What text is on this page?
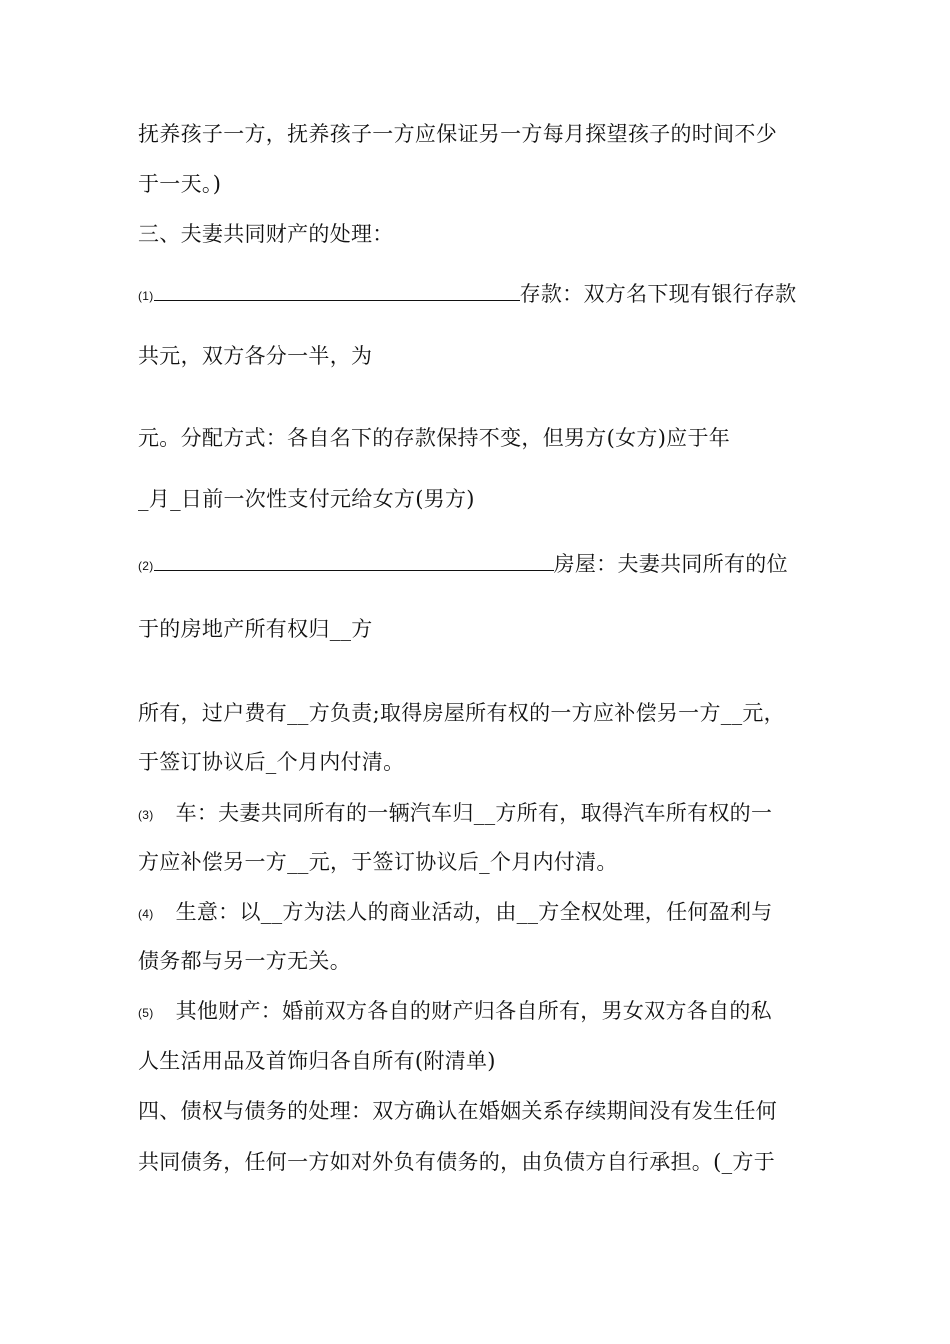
抚养孩子一方，抚养孩子一方应保证另一方每月探望孩子的时间不少
于一天。)
三、夫妻共同财产的处理：
(1)	存款：双方名下现有银行存款
共元，双方各分一半，为
元。分配方式：各自名下的存款保持不变，但男方(女方)应于年
_月_日前一次性支付元给女方(男方)
(2)	房屋：夫妻共同所有的位
于的房地产所有权归__方
所有，过户费有__方负责;取得房屋所有权的一方应补偿另一方__元，
于签订协议后_个月内付清。
(3) 车：夫妻共同所有的一辆汽车归__方所有，取得汽车所有权的一
方应补偿另一方__元，于签订协议后_个月内付清。
(4) 生意：以__方为法人的商业活动，由__方全权处理，任何盈利与
债务都与另一方无关。
(5) 其他财产：婚前双方各自的财产归各自所有，男女双方各自的私
人生活用品及首饰归各自所有(附清单)
四、债权与债务的处理：双方确认在婚姻关系存续期间没有发生任何
共同债务，任何一方如对外负有债务的，由负债方自行承担。(_方于
